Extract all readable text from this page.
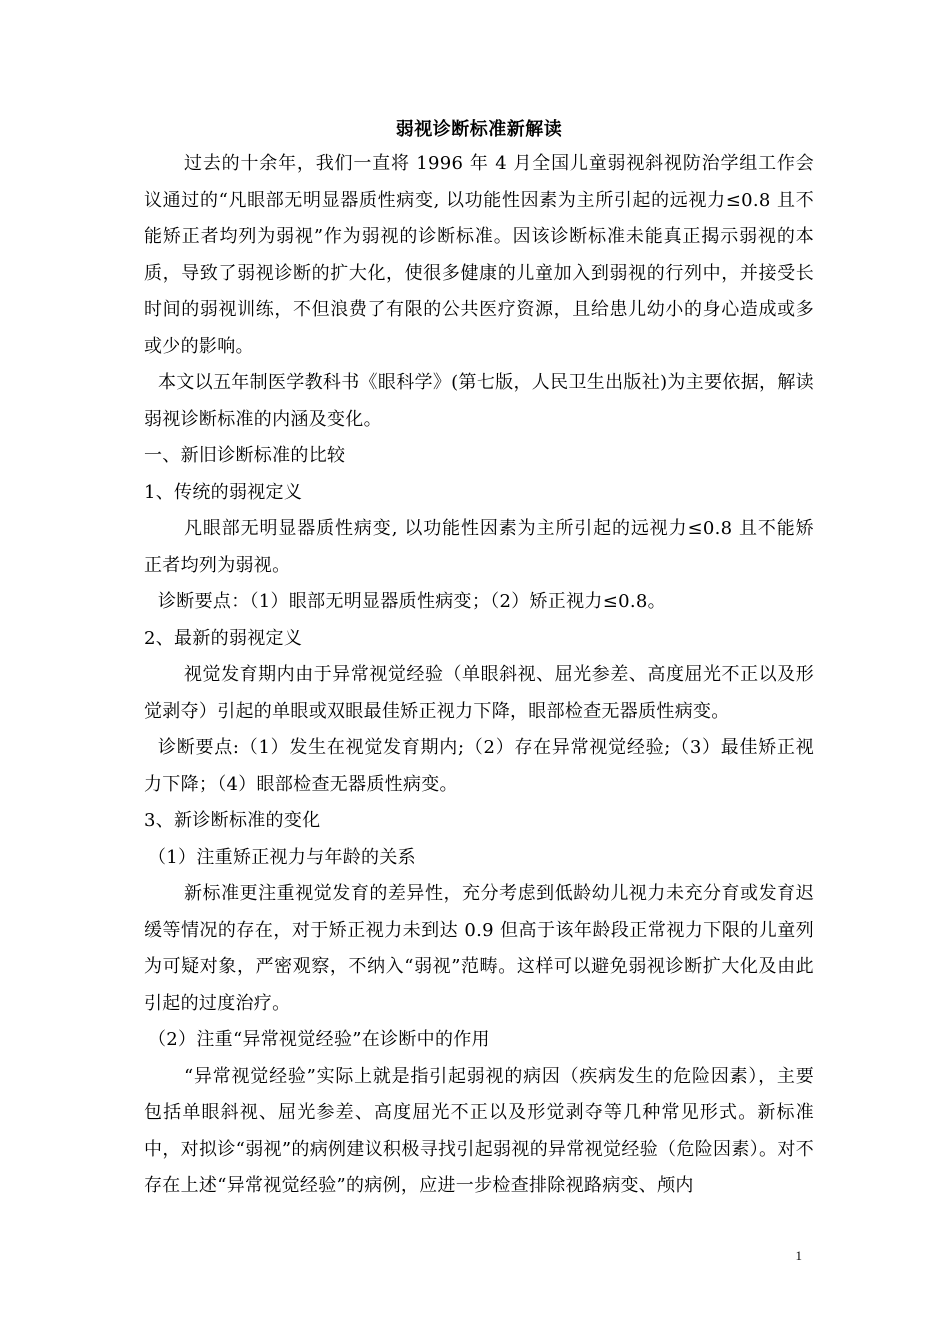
弱视诊断标准新解读

过去的十余年，我们一直将 1996 年 4 月全国儿童弱视斜视防治学组工作会议通过的“凡眼部无明显器质性病变, 以功能性因素为主所引起的远视力≤0.8 且不能矫正者均列为弱视”作为弱视的诊断标准。因该诊断标准未能真正揭示弱视的本质，导致了弱视诊断的扩大化，使很多健康的儿童加入到弱视的行列中，并接受长时间的弱视训练，不但浪费了有限的公共医疗资源，且给患儿幼小的身心造成或多或少的影响。

本文以五年制医学教科书《眼科学》(第七版，人民卫生出版社)为主要依据，解读弱视诊断标准的内涵及变化。

一、新旧诊断标准的比较

1、传统的弱视定义

凡眼部无明显器质性病变, 以功能性因素为主所引起的远视力≤0.8 且不能矫正者均列为弱视。

诊断要点：（1）眼部无明显器质性病变；（2）矫正视力≤0.8。

2、最新的弱视定义

视觉发育期内由于异常视觉经验（单眼斜视、屈光参差、高度屈光不正以及形觉剥夺）引起的单眼或双眼最佳矫正视力下降，眼部检查无器质性病变。

诊断要点:（1）发生在视觉发育期内;（2）存在异常视觉经验;（3）最佳矫正视力下降；（4）眼部检查无器质性病变。

3、新诊断标准的变化

（1）注重矫正视力与年龄的关系

新标准更注重视觉发育的差异性，充分考虑到低龄幼儿视力未充分育或发育迟缓等情况的存在，对于矫正视力未到达 0.9 但高于该年龄段正常视力下限的儿童列为可疑对象，严密观察，不纳入“弱视”范畴。这样可以避免弱视诊断扩大化及由此引起的过度治疗。

（2）注重“异常视觉经验”在诊断中的作用

“异常视觉经验”实际上就是指引起弱视的病因（疾病发生的危险因素），主要包括单眼斜视、屈光参差、高度屈光不正以及形觉剥夺等几种常见形式。新标准中，对拟诊“弱视”的病例建议积极寻找引起弱视的异常视觉经验（危险因素）。对不存在上述“异常视觉经验”的病例，应进一步检查排除视路病变、颅内

1
